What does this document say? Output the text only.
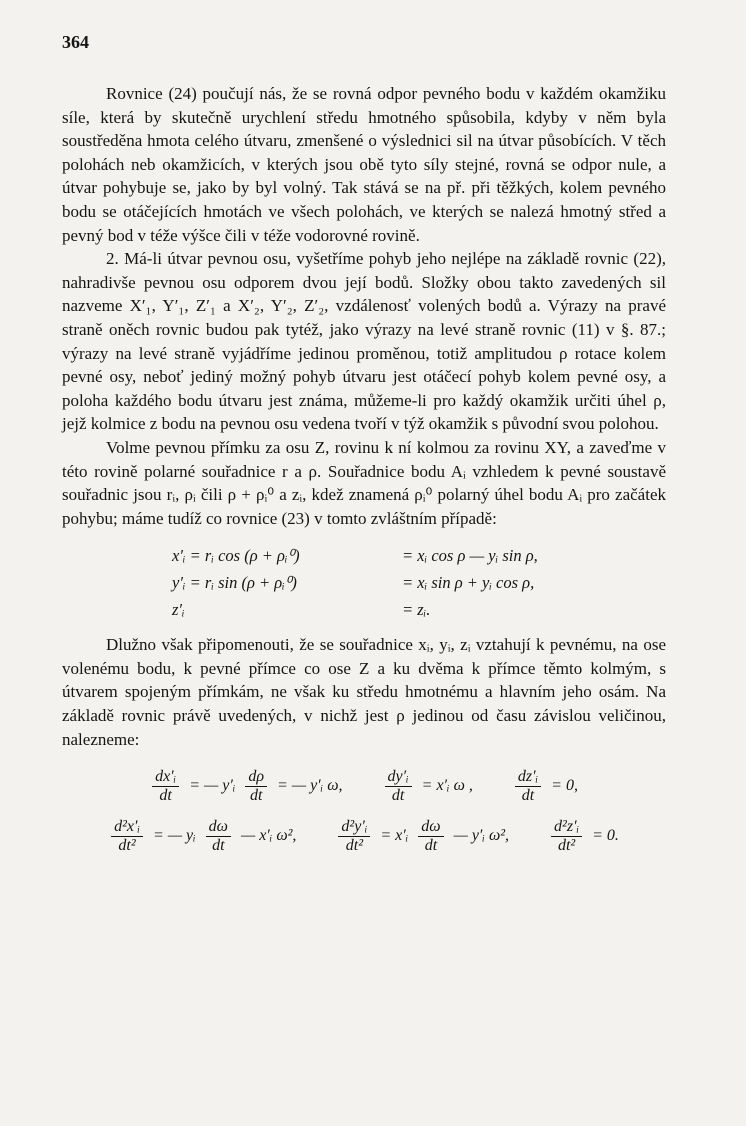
364

Rovnice (24) poučují nás, že se rovná odpor pevného bodu v každém okamžiku síle, která by skutečně urychlení středu hmotného spůsobila, kdyby v něm byla soustředěna hmota celého útvaru, zmenšené o výslednici sil na útvar působících. V těch polohách neb okamžicích, v kterých jsou obě tyto síly stejné, rovná se odpor nule, a útvar pohybuje se, jako by byl volný. Tak stává se na př. při těžkých, kolem pevného bodu se otáčejících hmotách ve všech polohách, ve kterých se nalezá hmotný střed a pevný bod v téže výšce čili v téže vodorovné rovině.

2. Má-li útvar pevnou osu, vyšetříme pohyb jeho nejlépe na základě rovnic (22), nahradivše pevnou osu odporem dvou její bodů. Složky obou takto zavedených sil nazveme X′₁, Y′₁, Z′₁ a X′₂, Y′₂, Z′₂, vzdálenosť volených bodů a. Výrazy na pravé straně oněch rovnic budou pak tytéž, jako výrazy na levé straně rovnic (11) v §. 87.; výrazy na levé straně vyjádříme jedinou proměnou, totiž amplitudou ρ rotace kolem pevné osy, neboť jediný možný pohyb útvaru jest otáčecí pohyb kolem pevné osy, a poloha každého bodu útvaru jest známa, můžeme-li pro každý okamžik určiti úhel ρ, jejž kolmice z bodu na pevnou osu vedena tvoří v týž okamžik s původní svou polohou.

Volme pevnou přímku za osu Z, rovinu k ní kolmou za rovinu XY, a zaveďme v této rovině polarné souřadnice r a ρ. Souřadnice bodu Aᵢ vzhledem k pevné soustavě souřadnic jsou rᵢ, ρᵢ čili ρ + ρᵢ⁰ a zᵢ, kdež znamená ρᵢ⁰ polarný úhel bodu Aᵢ pro začátek pohybu; máme tudíž co rovnice (23) v tomto zvláštním případě:

x′ᵢ = rᵢ cos (ρ + ρᵢ⁰)	= xᵢ cos ρ — yᵢ sin ρ,
y′ᵢ = rᵢ sin (ρ + ρᵢ⁰)	= xᵢ sin ρ + yᵢ cos ρ,
z′ᵢ	= zᵢ.

Dlužno však připomenouti, že se souřadnice xᵢ, yᵢ, zᵢ vztahují k pevnému, na ose volenému bodu, k pevné přímce co ose Z a ku dvěma k přímce těmto kolmým, s útvarem spojeným přímkám, ne však ku středu hmotnému a hlavním jeho osám. Na základě rovnic právě uvedených, v nichž jest ρ jedinou od času závislou veličinou, nalezneme:

$\frac{\text{dx′ᵢ}}{dt}$ = — y′ᵢ $\frac{d\rho}{dt}$ = — y′ᵢ ω,	$\frac{\text{dy′ᵢ}}{dt}$ = x′ᵢ ω ,	$\frac{\text{dz′ᵢ}}{dt} = 0$,
$\frac{\text{d²x′ᵢ}}{\text{dt²}}$ = — yᵢ $\frac{d\omega}{dt}$ — x′ᵢ ω²,	$\frac{\text{d²y′ᵢ}}{\text{dt²}}$ = x′ᵢ $\frac{d\omega}{dt}$ — y′ᵢ ω²,	$\frac{\text{d²z′ᵢ}}{\text{dt²}} = 0$.
